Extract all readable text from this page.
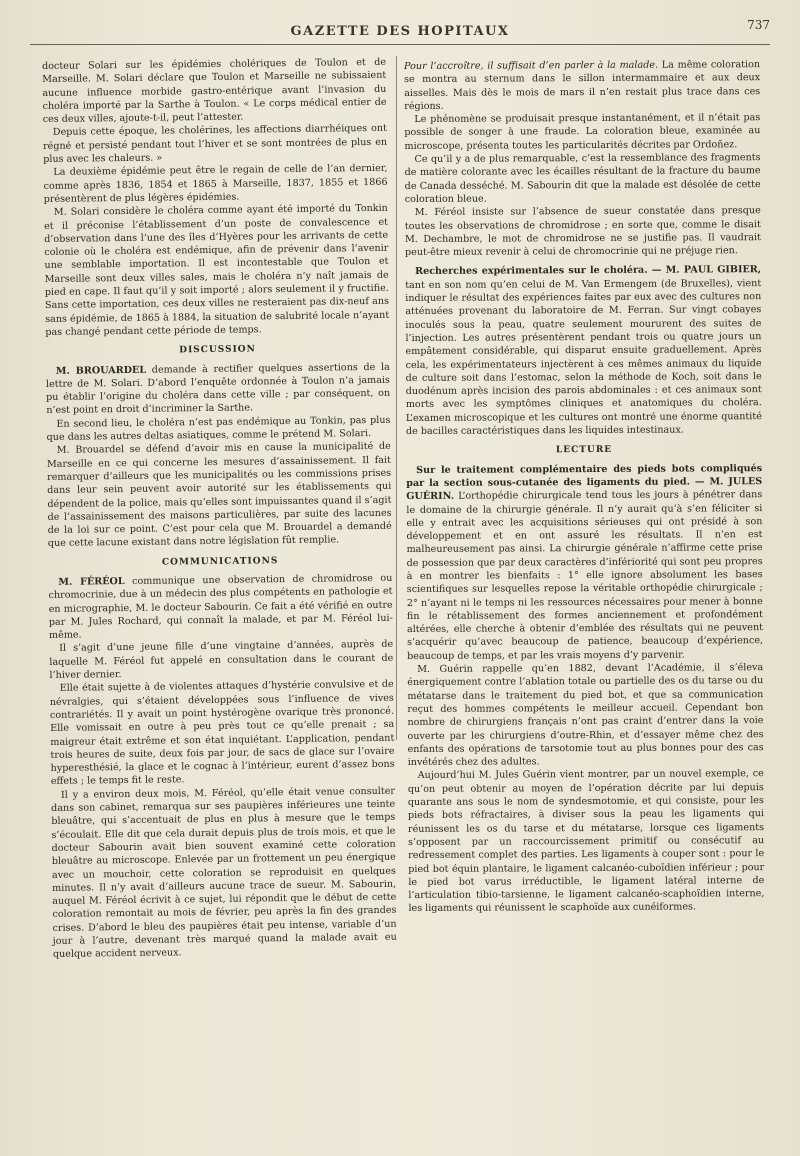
GAZETTE DES HOPITAUX	737

docteur Solari sur les épidémies cholériques de Toulon et de Marseille. M. Solari déclare que Toulon et Marseille ne subissaient aucune influence morbide gastro-entérique avant l’invasion du choléra importé par la Sarthe à Toulon. « Le corps médical entier de ces deux villes, ajoute-t-il, peut l’attester.

Depuis cette époque, les cholérines, les affections diarrhéiques ont régné et persisté pendant tout l’hiver et se sont montrées de plus en plus avec les chaleurs. »

La deuxième épidémie peut être le regain de celle de l’an dernier, comme après 1836, 1854 et 1865 à Marseille, 1837, 1855 et 1866 présentèrent de plus légères épidémies.

M. Solari considère le choléra comme ayant été importé du Tonkin et il préconise l’établissement d’un poste de convalescence et d’observation dans l’une des îles d’Hyères pour les arrivants de cette colonie où le choléra est endémique, afin de prévenir dans l’avenir une semblable importation. Il est incontestable que Toulon et Marseille sont deux villes sales, mais le choléra n’y naît jamais de pied en cape. Il faut qu’il y soit importé ; alors seulement il y fructifie. Sans cette importation, ces deux villes ne resteraient pas dix-neuf ans sans épidémie, de 1865 à 1884, la situation de salubrité locale n’ayant pas changé pendant cette période de temps.

DISCUSSION

M. BROUARDEL demande à rectifier quelques assertions de la lettre de M. Solari. D’abord l’enquête ordonnée à Toulon n’a jamais pu établir l’origine du choléra dans cette ville ; par conséquent, on n’est point en droit d’incriminer la Sarthe.

En second lieu, le choléra n’est pas endémique au Tonkin, pas plus que dans les autres deltas asiatiques, comme le prétend M. Solari.

M. Brouardel se défend d’avoir mis en cause la municipalité de Marseille en ce qui concerne les mesures d’assainissement. Il fait remarquer d’ailleurs que les municipalités ou les commissions prises dans leur sein peuvent avoir autorité sur les établissements qui dépendent de la police, mais qu’elles sont impuissantes quand il s’agit de l’assainissement des maisons particulières, par suite des lacunes de la loi sur ce point. C’est pour cela que M. Brouardel a demandé que cette lacune existant dans notre législation fût remplie.

COMMUNICATIONS

M. FÉRÉOL communique une observation de chromidrose ou chromocrinie, due à un médecin des plus compétents en pathologie et en micrographie, M. le docteur Sabourin. Ce fait a été vérifié en outre par M. Jules Rochard, qui connaît la malade, et par M. Féréol lui-même.

Il s’agit d’une jeune fille d’une vingtaine d’années, auprès de laquelle M. Féréol fut appelé en consultation dans le courant de l’hiver dernier.

Elle était sujette à de violentes attaques d’hystérie convulsive et de névralgies, qui s’étaient développées sous l’influence de vives contrariétés. Il y avait un point hystérogène ovarique très prononcé. Elle vomissait en outre à peu près tout ce qu’elle prenait ; sa maigreur était extrême et son état inquiétant. L’application, pendant trois heures de suite, deux fois par jour, de sacs de glace sur l’ovaire hyperesthésié, la glace et le cognac à l’intérieur, eurent d’assez bons effets ; le temps fit le reste.

Il y a environ deux mois, M. Féréol, qu’elle était venue consulter dans son cabinet, remarqua sur ses paupières inférieures une teinte bleuâtre, qui s’accentuait de plus en plus à mesure que le temps s’écoulait. Elle dit que cela durait depuis plus de trois mois, et que le docteur Sabourin avait bien souvent examiné cette coloration bleuâtre au microscope. Enlevée par un frottement un peu énergique avec un mouchoir, cette coloration se reproduisit en quelques minutes. Il n’y avait d’ailleurs aucune trace de sueur. M. Sabourin, auquel M. Féréol écrivit à ce sujet, lui répondit que le début de cette coloration remontait au mois de février, peu après la fin des grandes crises. D’abord le bleu des paupières était peu intense, variable d’un jour à l’autre, devenant très marqué quand la malade avait eu quelque accident nerveux.

Pour l’accroître, il suffisait d’en parler à la malade. La même coloration se montra au sternum dans le sillon intermammaire et aux deux aisselles. Mais dès le mois de mars il n’en restait plus trace dans ces régions.

Le phénomène se produisait presque instantanément, et il n’était pas possible de songer à une fraude. La coloration bleue, examinée au microscope, présenta toutes les particularités décrites par Ordoñez.

Ce qu’il y a de plus remarquable, c’est la ressemblance des fragments de matière colorante avec les écailles résultant de la fracture du baume de Canada desséché. M. Sabourin dit que la malade est désolée de cette coloration bleue.

M. Féréol insiste sur l’absence de sueur constatée dans presque toutes les observations de chromidrose ; en sorte que, comme le disait M. Dechambre, le mot de chromidrose ne se justifie pas. Il vaudrait peut-être mieux revenir à celui de chromocrinie qui ne préjuge rien.

Recherches expérimentales sur le choléra. — M. PAUL GIBIER, tant en son nom qu’en celui de M. Van Ermengem (de Bruxelles), vient indiquer le résultat des expériences faites par eux avec des cultures non atténuées provenant du laboratoire de M. Ferran. Sur vingt cobayes inoculés sous la peau, quatre seulement moururent des suites de l’injection. Les autres présentèrent pendant trois ou quatre jours un empâtement considérable, qui disparut ensuite graduellement. Après cela, les expérimentateurs injectèrent à ces mêmes animaux du liquide de culture soit dans l’estomac, selon la méthode de Koch, soit dans le duodénum après incision des parois abdominales : et ces animaux sont morts avec les symptômes cliniques et anatomiques du choléra. L’examen microscopique et les cultures ont montré une énorme quantité de bacilles caractéristiques dans les liquides intestinaux.

LECTURE

Sur le traitement complémentaire des pieds bots compliqués par la section sous-cutanée des ligaments du pied. — M. JULES GUÉRIN. L’orthopédie chirurgicale tend tous les jours à pénétrer dans le domaine de la chirurgie générale. Il n’y aurait qu’à s’en féliciter si elle y entrait avec les acquisitions sérieuses qui ont présidé à son développement et en ont assuré les résultats. Il n’en est malheureusement pas ainsi. La chirurgie générale n’affirme cette prise de possession que par deux caractères d’infériorité qui sont peu propres à en montrer les bienfaits : 1° elle ignore absolument les bases scientifiques sur lesquelles repose la véritable orthopédie chirurgicale ; 2° n’ayant ni le temps ni les ressources nécessaires pour mener à bonne fin le rétablissement des formes anciennement et profondément altérées, elle cherche à obtenir d’emblée des résultats qui ne peuvent s’acquérir qu’avec beaucoup de patience, beaucoup d’expérience, beaucoup de temps, et par les vrais moyens d’y parvenir.

M. Guérin rappelle qu’en 1882, devant l’Académie, il s’éleva énergiquement contre l’ablation totale ou partielle des os du tarse ou du métatarse dans le traitement du pied bot, et que sa communication reçut des hommes compétents le meilleur accueil. Cependant bon nombre de chirurgiens français n’ont pas craint d’entrer dans la voie ouverte par les chirurgiens d’outre-Rhin, et d’essayer même chez des enfants des opérations de tarsotomie tout au plus bonnes pour des cas invétérés chez des adultes.

Aujourd’hui M. Jules Guérin vient montrer, par un nouvel exemple, ce qu’on peut obtenir au moyen de l’opération décrite par lui depuis quarante ans sous le nom de syndesmotomie, et qui consiste, pour les pieds bots réfractaires, à diviser sous la peau les ligaments qui réunissent les os du tarse et du métatarse, lorsque ces ligaments s’opposent par un raccourcissement primitif ou consécutif au redressement complet des parties. Les ligaments à couper sont : pour le pied bot équin plantaire, le ligament calcanéo-cuboïdien inférieur ; pour le pied bot varus irréductible, le ligament latéral interne de l’articulation tibio-tarsienne, le ligament calcanéo-scaphoïdien interne, les ligaments qui réunissent le scaphoïde aux cunéiformes.
